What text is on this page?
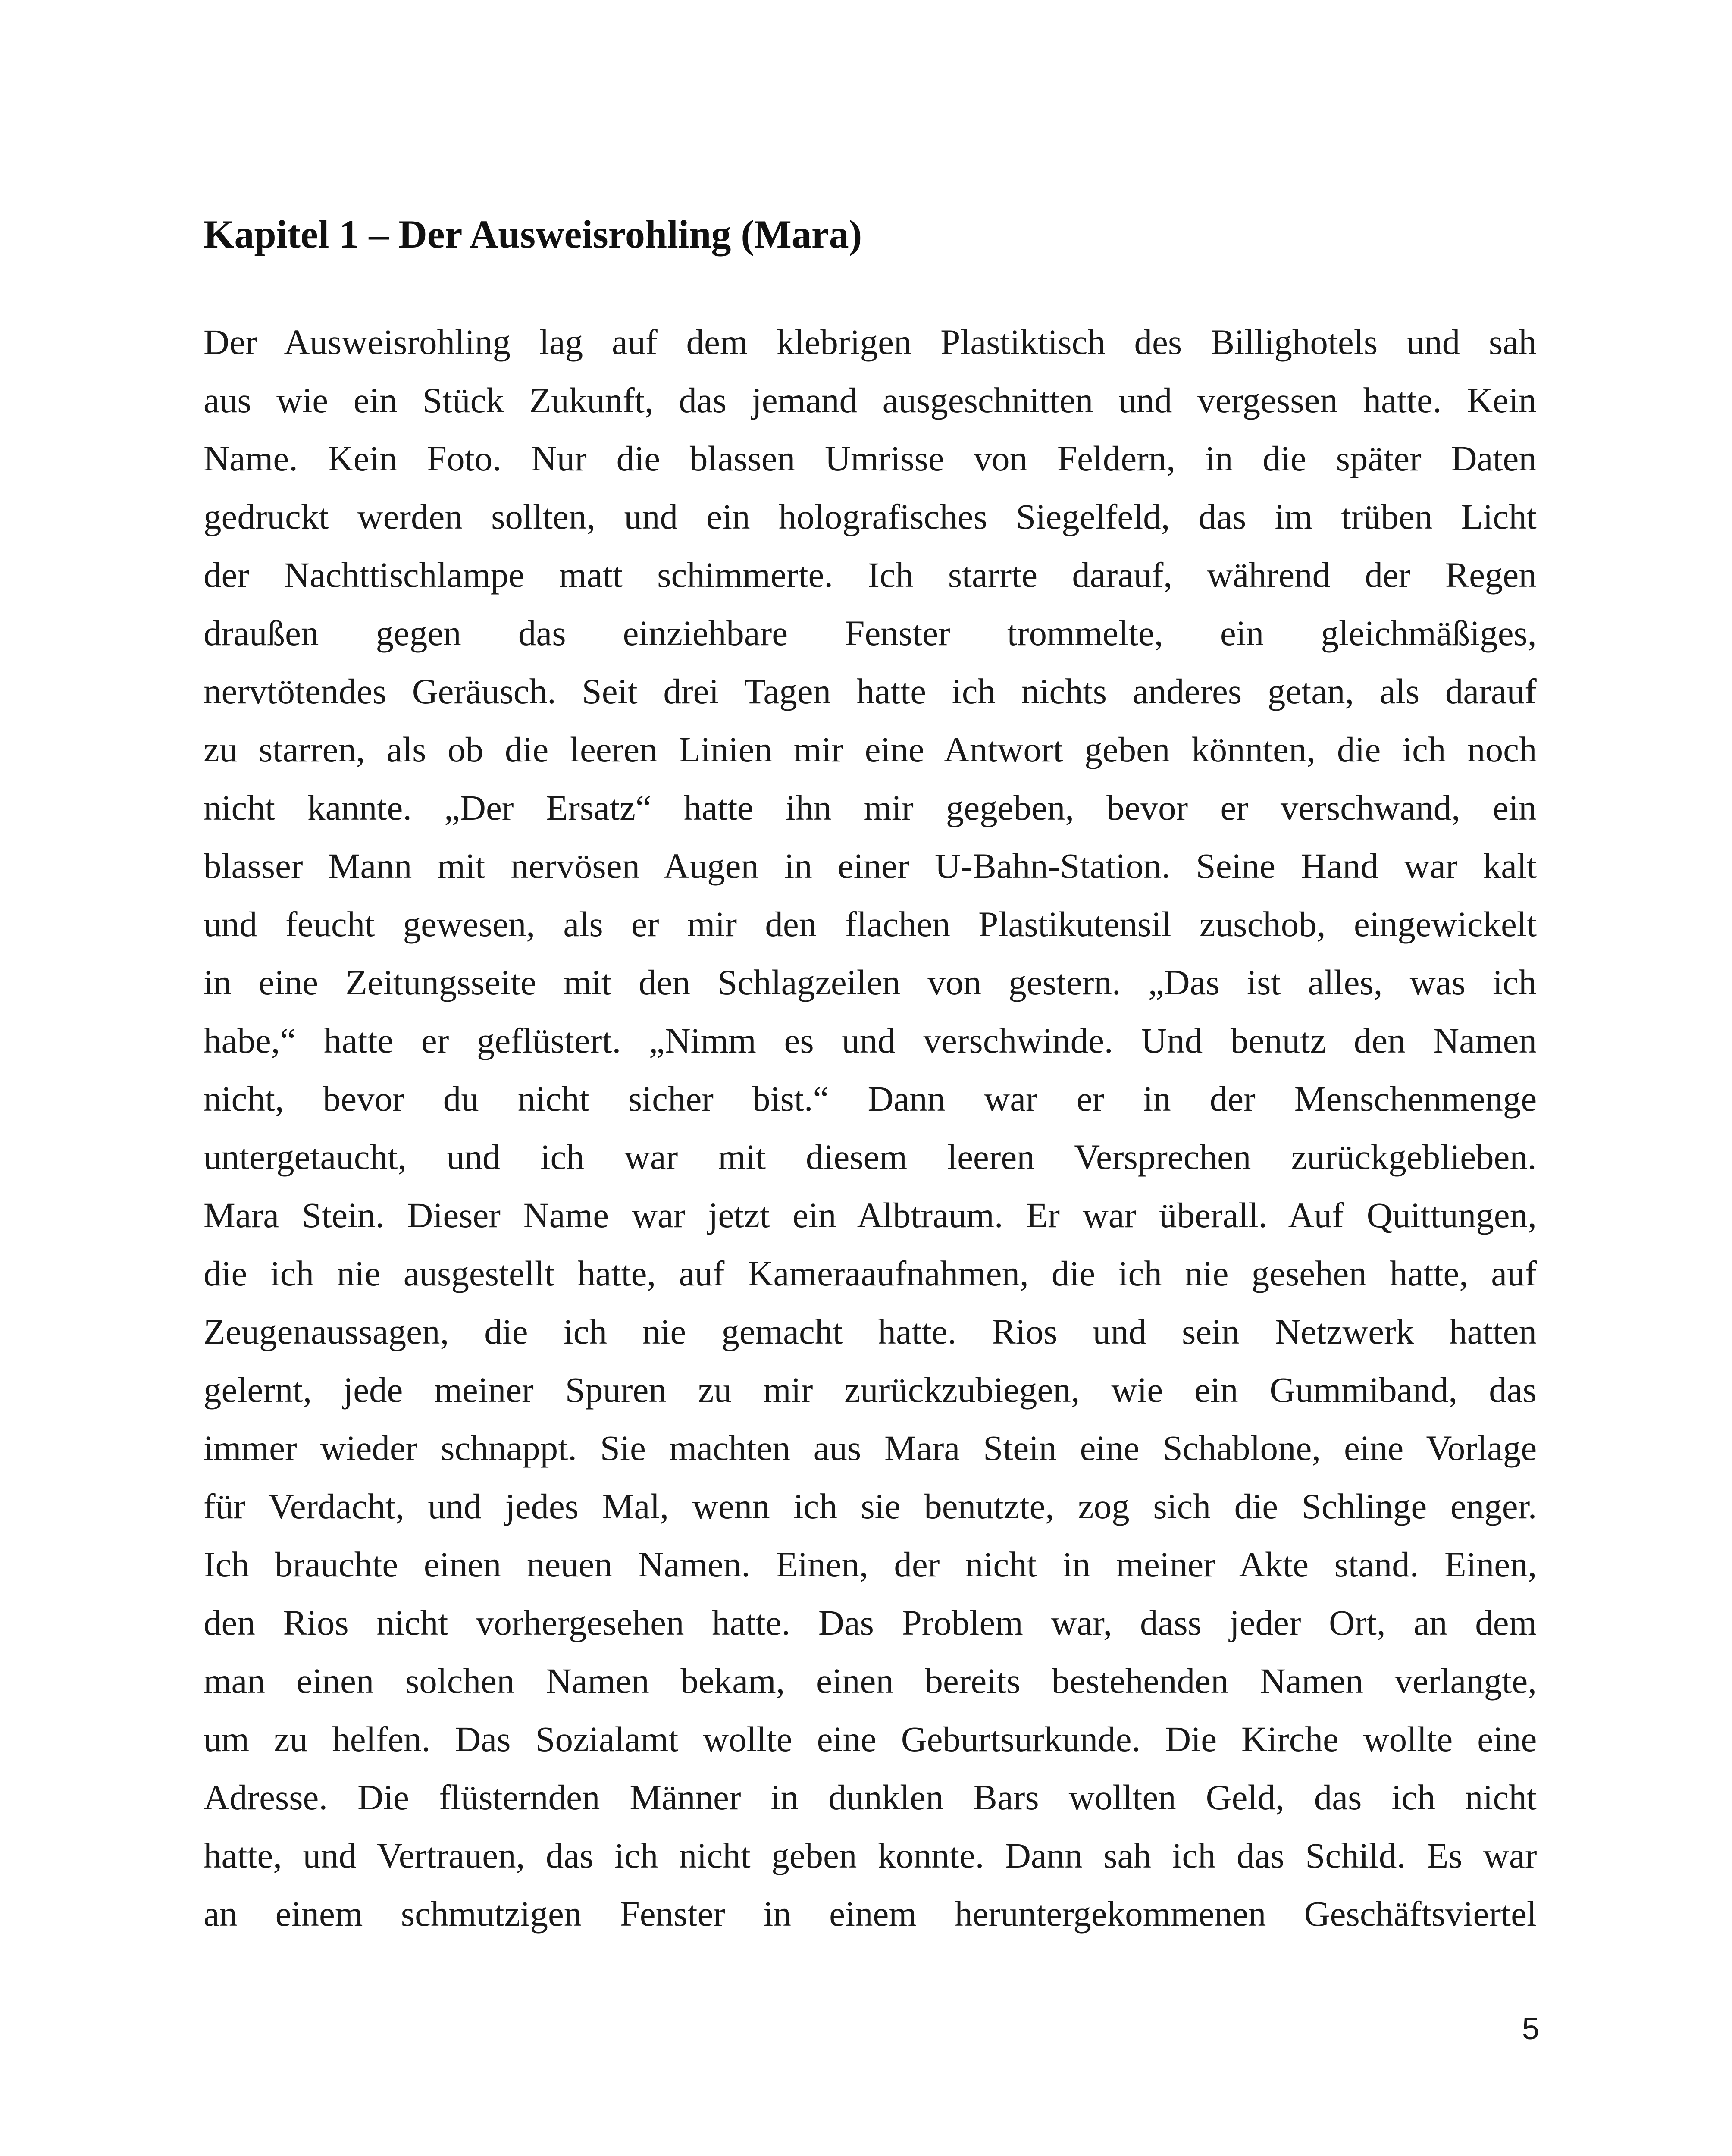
Kapitel 1 – Der Ausweisrohling (Mara)
Der Ausweisrohling lag auf dem klebrigen Plastiktisch des Billighotels und sah
aus wie ein Stück Zukunft, das jemand ausgeschnitten und vergessen hatte. Kein
Name. Kein Foto. Nur die blassen Umrisse von Feldern, in die später Daten
gedruckt werden sollten, und ein holografisches Siegelfeld, das im trüben Licht
der Nachttischlampe matt schimmerte. Ich starrte darauf, während der Regen
draußen gegen das einziehbare Fenster trommelte, ein gleichmäßiges,
nervtötendes Geräusch. Seit drei Tagen hatte ich nichts anderes getan, als darauf
zu starren, als ob die leeren Linien mir eine Antwort geben könnten, die ich noch
nicht kannte. „Der Ersatz“ hatte ihn mir gegeben, bevor er verschwand, ein
blasser Mann mit nervösen Augen in einer U-Bahn-Station. Seine Hand war kalt
und feucht gewesen, als er mir den flachen Plastikutensil zuschob, eingewickelt
in eine Zeitungsseite mit den Schlagzeilen von gestern. „Das ist alles, was ich
habe,“ hatte er geflüstert. „Nimm es und verschwinde. Und benutz den Namen
nicht, bevor du nicht sicher bist.“ Dann war er in der Menschenmenge
untergetaucht, und ich war mit diesem leeren Versprechen zurückgeblieben.
Mara Stein. Dieser Name war jetzt ein Albtraum. Er war überall. Auf Quittungen,
die ich nie ausgestellt hatte, auf Kameraaufnahmen, die ich nie gesehen hatte, auf
Zeugenaussagen, die ich nie gemacht hatte. Rios und sein Netzwerk hatten
gelernt, jede meiner Spuren zu mir zurückzubiegen, wie ein Gummiband, das
immer wieder schnappt. Sie machten aus Mara Stein eine Schablone, eine Vorlage
für Verdacht, und jedes Mal, wenn ich sie benutzte, zog sich die Schlinge enger.
Ich brauchte einen neuen Namen. Einen, der nicht in meiner Akte stand. Einen,
den Rios nicht vorhergesehen hatte. Das Problem war, dass jeder Ort, an dem
man einen solchen Namen bekam, einen bereits bestehenden Namen verlangte,
um zu helfen. Das Sozialamt wollte eine Geburtsurkunde. Die Kirche wollte eine
Adresse. Die flüsternden Männer in dunklen Bars wollten Geld, das ich nicht
hatte, und Vertrauen, das ich nicht geben konnte. Dann sah ich das Schild. Es war
an einem schmutzigen Fenster in einem heruntergekommenen Geschäftsviertel
5
